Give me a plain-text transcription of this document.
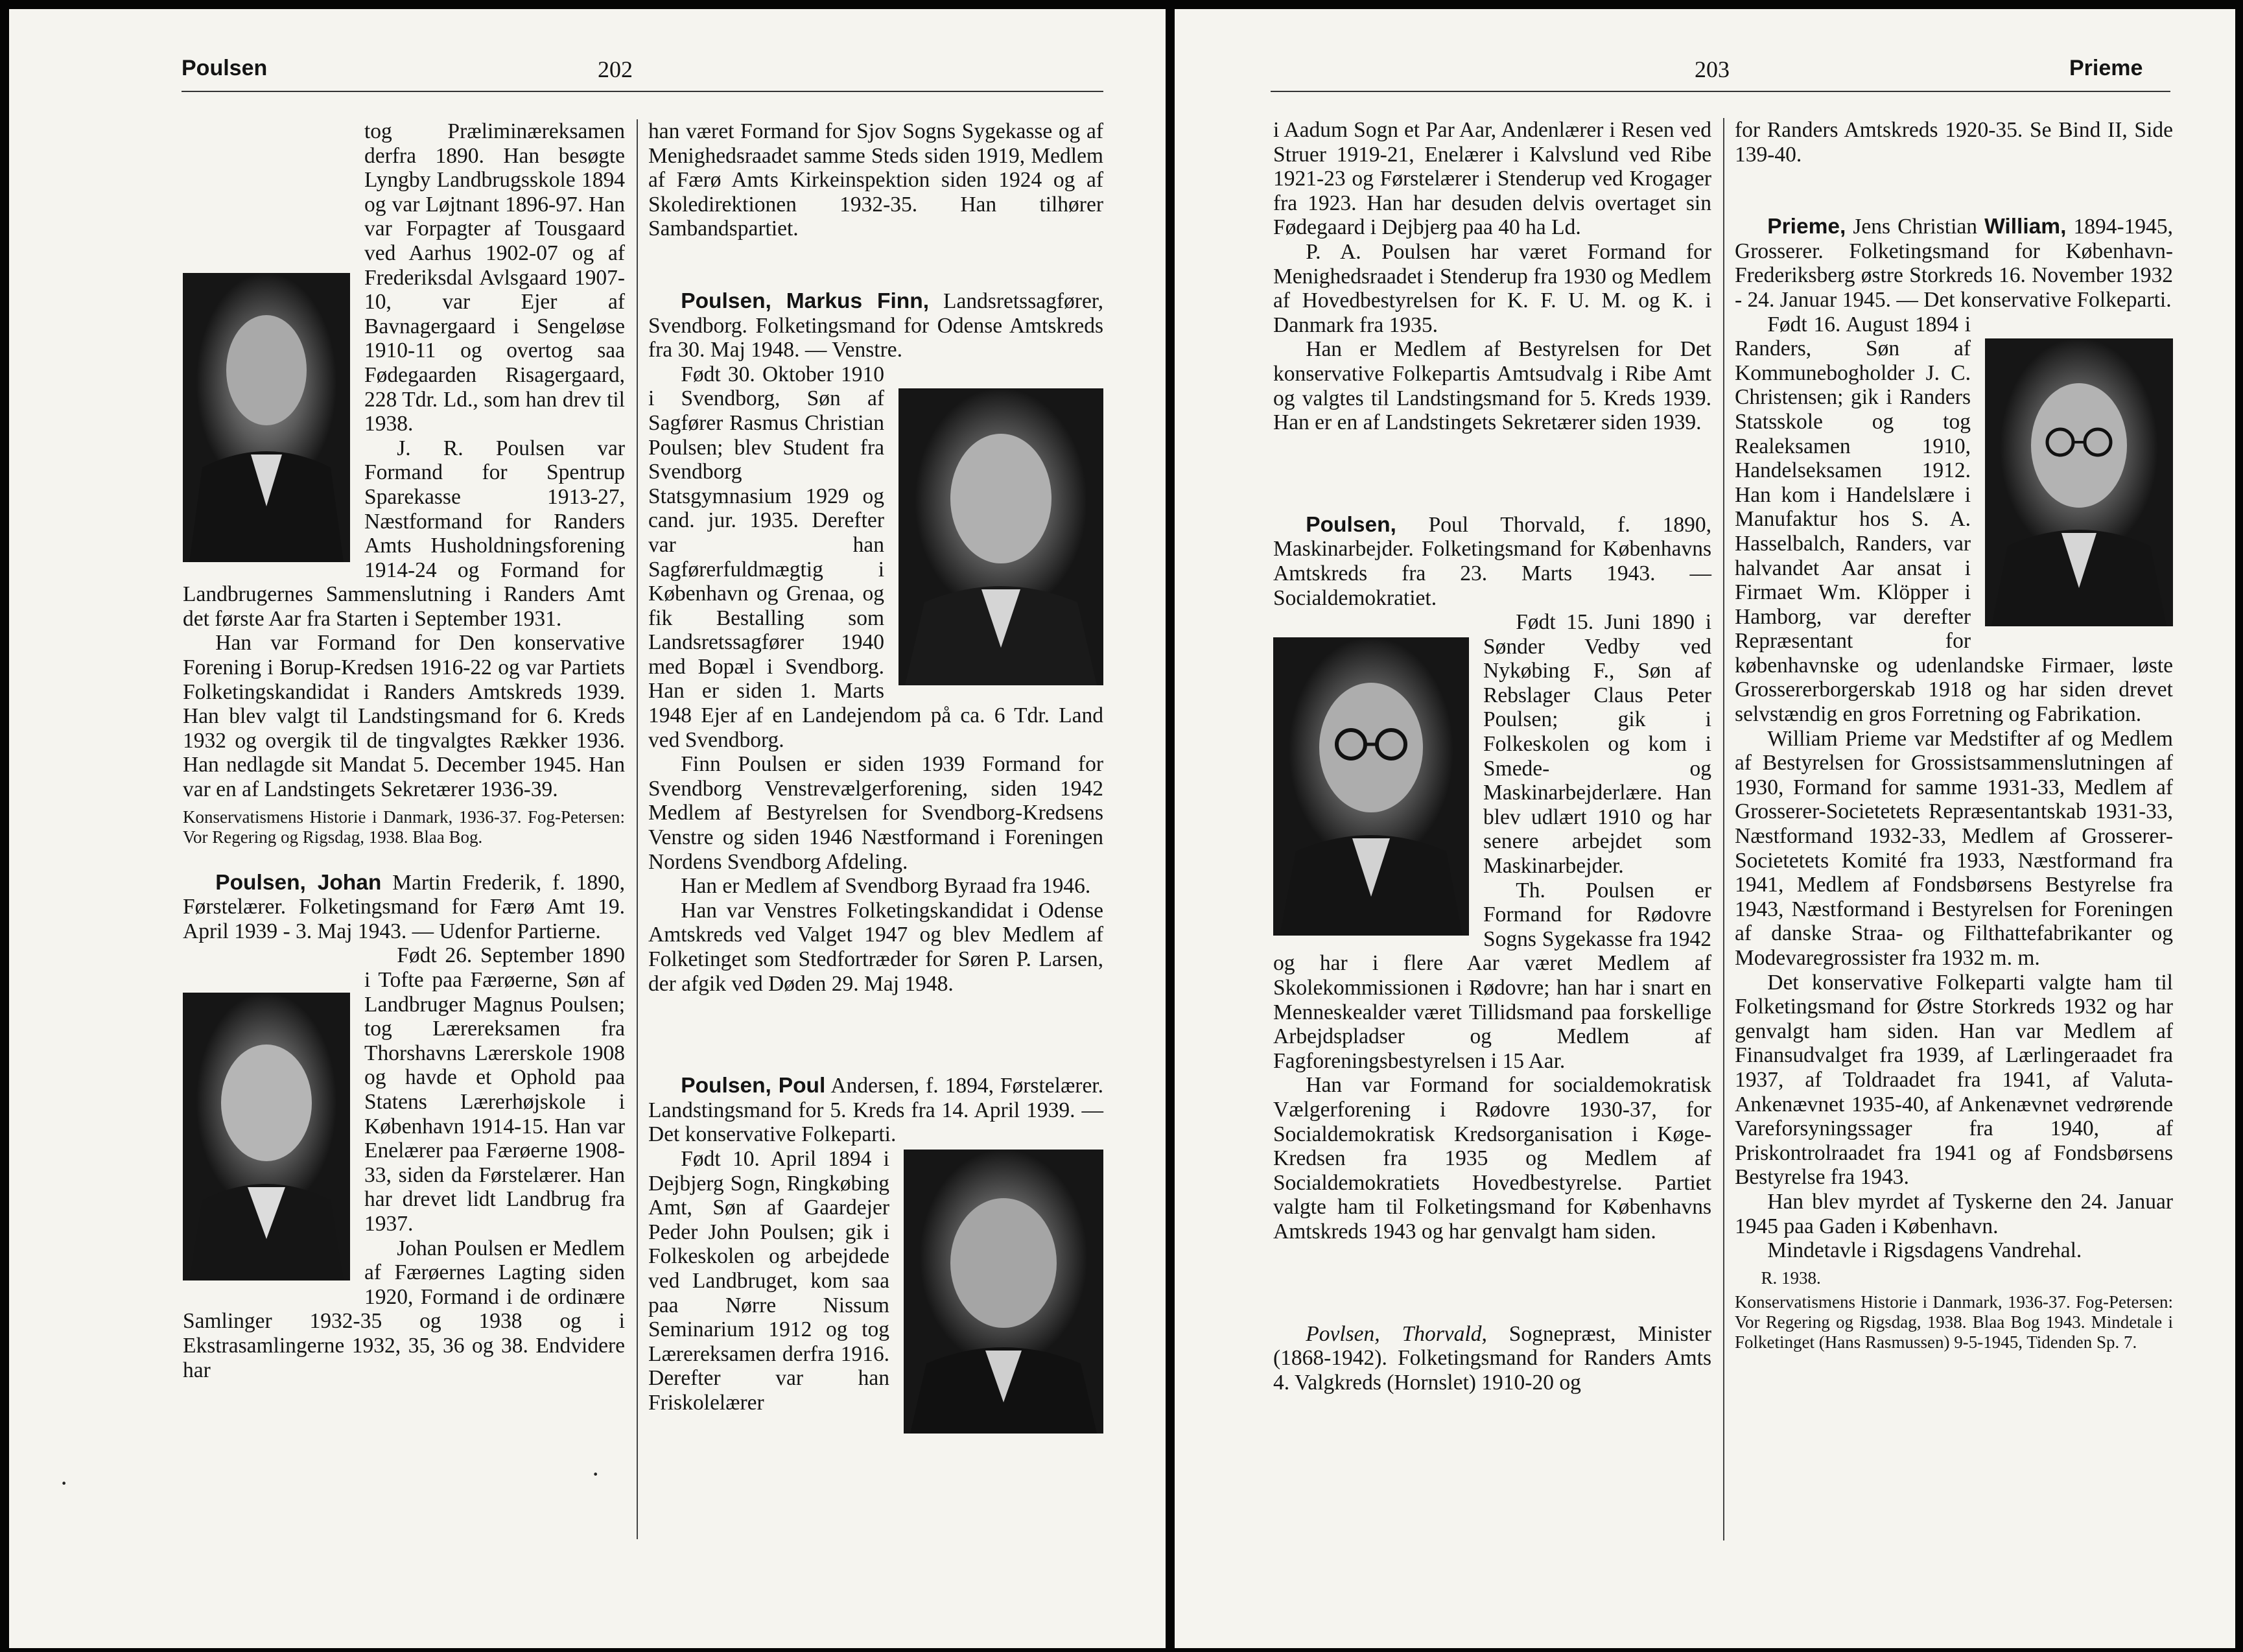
Poulsen	202

tog Præliminæreksamen derfra 1890. Han besøgte Lyngby Landbrugsskole 1894 og var Løjtnant 1896-97. Han var Forpagter af Tousgaard ved Aarhus 1902-07 og af Frederiksdal Avlsgaard 1907-10, var Ejer af Bavnagergaard i Sengeløse 1910-11 og overtog saa Fødegaarden Risagergaard, 228 Tdr. Ld., som han drev til 1938.

J. R. Poulsen var Formand for Spentrup Sparekasse 1913-27, Næstformand for Randers Amts Husholdningsforening 1914-24 og Formand for Landbrugernes Sammenslutning i Randers Amt det første Aar fra Starten i September 1931.

Han var Formand for Den konservative Forening i Borup-Kredsen 1916-22 og var Partiets Folketingskandidat i Randers Amtskreds 1939. Han blev valgt til Landstingsmand for 6. Kreds 1932 og overgik til de tingvalgtes Rækker 1936. Han nedlagde sit Mandat 5. December 1945. Han var en af Landstingets Sekretærer 1936-39.

Konservatismens Historie i Danmark, 1936-37. Fog-Petersen: Vor Regering og Rigsdag, 1938. Blaa Bog.

Poulsen, Johan Martin Frederik, f. 1890, Førstelærer. Folketingsmand for Færø Amt 19. April 1939 - 3. Maj 1943. — Udenfor Partierne.

Født 26. September 1890 i Tofte paa Færøerne, Søn af Landbruger Magnus Poulsen; tog Lærereksamen fra Thorshavns Lærerskole 1908 og havde et Ophold paa Statens Lærerhøjskole i København 1914-15. Han var Enelærer paa Færøerne 1908-33, siden da Førstelærer. Han har drevet lidt Landbrug fra 1937.

Johan Poulsen er Medlem af Færøernes Lagting siden 1920, Formand i de ordinære Samlinger 1932-35 og 1938 og i Ekstrasamlingerne 1932, 35, 36 og 38. Endvidere har

han været Formand for Sjov Sogns Sygekasse og af Menighedsraadet samme Steds siden 1919, Medlem af Færø Amts Kirkeinspektion siden 1924 og af Skoledirektionen 1932-35. Han tilhører Sambandspartiet.

Poulsen, Markus Finn, Landsretssagfører, Svendborg. Folketingsmand for Odense Amtskreds fra 30. Maj 1948. — Venstre.

Født 30. Oktober 1910 i Svendborg, Søn af Sagfører Rasmus Christian Poulsen; blev Student fra Svendborg Statsgymnasium 1929 og cand. jur. 1935. Derefter var han Sagførerfuldmægtig i København og Grenaa, og fik Bestalling som Landsretssagfører 1940 med Bopæl i Svendborg. Han er siden 1. Marts 1948 Ejer af en Landejendom på ca. 6 Tdr. Land ved Svendborg.

Finn Poulsen er siden 1939 Formand for Svendborg Venstrevælgerforening, siden 1942 Medlem af Bestyrelsen for Svendborg-Kredsens Venstre og siden 1946 Næstformand i Foreningen Nordens Svendborg Afdeling.

Han er Medlem af Svendborg Byraad fra 1946.

Han var Venstres Folketingskandidat i Odense Amtskreds ved Valget 1947 og blev Medlem af Folketinget som Stedfortræder for Søren P. Larsen, der afgik ved Døden 29. Maj 1948.

Poulsen, Poul Andersen, f. 1894, Førstelærer. Landstingsmand for 5. Kreds fra 14. April 1939. — Det konservative Folkeparti.

Født 10. April 1894 i Dejbjerg Sogn, Ringkøbing Amt, Søn af Gaardejer Peder John Poulsen; gik i Folkeskolen og arbejdede ved Landbruget, kom saa paa Nørre Nissum Seminarium 1912 og tog Lærereksamen derfra 1916. Derefter var han Friskolelærer

·	·
203	Prieme

i Aadum Sogn et Par Aar, Andenlærer i Resen ved Struer 1919-21, Enelærer i Kalvslund ved Ribe 1921-23 og Førstelærer i Stenderup ved Krogager fra 1923. Han har desuden delvis overtaget sin Fødegaard i Dejbjerg paa 40 ha Ld.

P. A. Poulsen har været Formand for Menighedsraadet i Stenderup fra 1930 og Medlem af Hovedbestyrelsen for K. F. U. M. og K. i Danmark fra 1935.

Han er Medlem af Bestyrelsen for Det konservative Folkepartis Amtsudvalg i Ribe Amt og valgtes til Landstingsmand for 5. Kreds 1939. Han er en af Landstingets Sekretærer siden 1939.

Poulsen, Poul Thorvald, f. 1890, Maskinarbejder. Folketingsmand for Københavns Amtskreds fra 23. Marts 1943. — Socialdemokratiet.

Født 15. Juni 1890 i Sønder Vedby ved Nykøbing F., Søn af Rebslager Claus Peter Poulsen; gik i Folkeskolen og kom i Smede- og Maskinarbejderlære. Han blev udlært 1910 og har senere arbejdet som Maskinarbejder.

Th. Poulsen er Formand for Rødovre Sogns Sygekasse fra 1942 og har i flere Aar været Medlem af Skolekommissionen i Rødovre; han har i snart en Menneskealder været Tillidsmand paa forskellige Arbejdspladser og Medlem af Fagforeningsbestyrelsen i 15 Aar.

Han var Formand for socialdemokratisk Vælgerforening i Rødovre 1930-37, for Socialdemokratisk Kredsorganisation i Køge-Kredsen fra 1935 og Medlem af Socialdemokratiets Hovedbestyrelse. Partiet valgte ham til Folketingsmand for Københavns Amtskreds 1943 og har genvalgt ham siden.

Povlsen, Thorvald, Sognepræst, Minister (1868-1942). Folketingsmand for Randers Amts 4. Valgkreds (Hornslet) 1910-20 og

for Randers Amtskreds 1920-35. Se Bind II, Side 139-40.

Prieme, Jens Christian William, 1894-1945, Grosserer. Folketingsmand for København-Frederiksberg østre Storkreds 16. November 1932 - 24. Januar 1945. — Det konservative Folkeparti.

Født 16. August 1894 i Randers, Søn af Kommunebogholder J. C. Christensen; gik i Randers Statsskole og tog Realeksamen 1910, Handelseksamen 1912. Han kom i Handelslære i Manufaktur hos S. A. Hasselbalch, Randers, var halvandet Aar ansat i Firmaet Wm. Klöpper i Hamborg, var derefter Repræsentant for københavnske og udenlandske Firmaer, løste Grossererborgerskab 1918 og har siden drevet selvstændig en gros Forretning og Fabrikation.

William Prieme var Medstifter af og Medlem af Bestyrelsen for Grossistsammenslutningen af 1930, Formand for samme 1931-33, Medlem af Grosserer-Societetets Repræsentantskab 1931-33, Næstformand 1932-33, Medlem af Grosserer-Societetets Komité fra 1933, Næstformand fra 1941, Medlem af Fondsbørsens Bestyrelse fra 1943, Næstformand i Bestyrelsen for Foreningen af danske Straa- og Filthattefabrikanter og Modevaregrossister fra 1932 m. m.

Det konservative Folkeparti valgte ham til Folketingsmand for Østre Storkreds 1932 og har genvalgt ham siden. Han var Medlem af Finansudvalget fra 1939, af Lærlingeraadet fra 1937, af Toldraadet fra 1941, af Valuta-Ankenævnet 1935-40, af Ankenævnet vedrørende Vareforsyningssager fra 1940, af Priskontrolraadet fra 1941 og af Fondsbørsens Bestyrelse fra 1943.

Han blev myrdet af Tyskerne den 24. Januar 1945 paa Gaden i København.

Mindetavle i Rigsdagens Vandrehal.

R. 1938.

Konservatismens Historie i Danmark, 1936-37. Fog-Petersen: Vor Regering og Rigsdag, 1938. Blaa Bog 1943. Mindetale i Folketinget (Hans Rasmussen) 9-5-1945, Tidenden Sp. 7.
